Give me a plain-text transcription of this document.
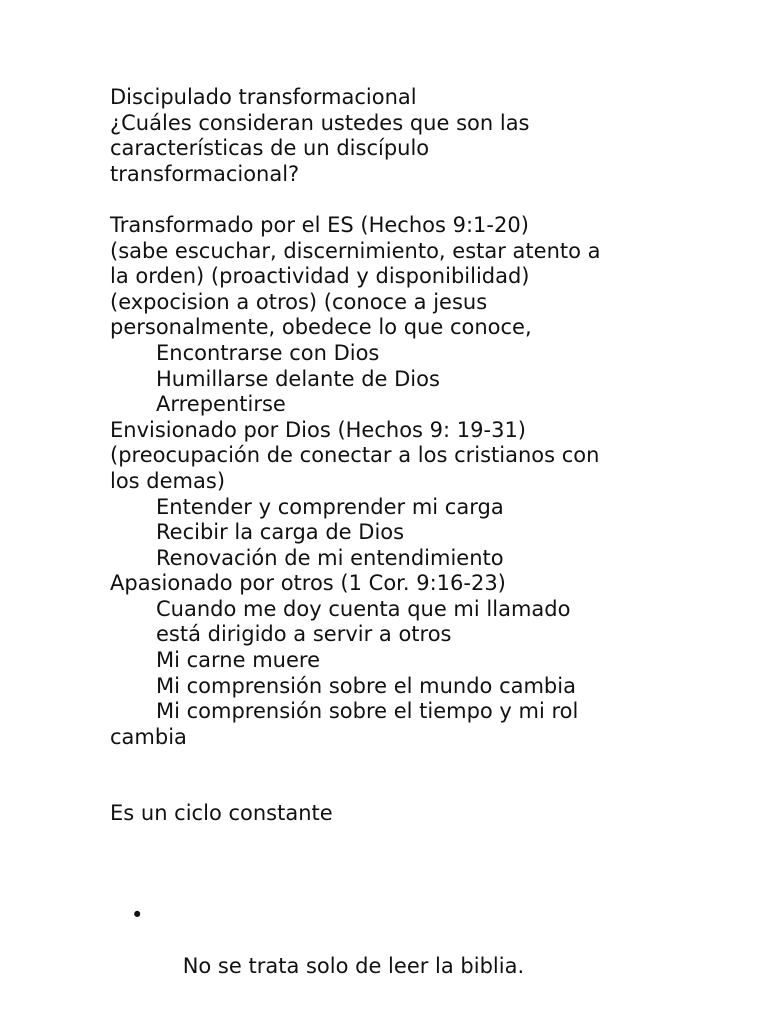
Discipulado transformacional
¿Cuáles consideran ustedes que son las
características de un discípulo
transformacional?
Transformado por el ES (Hechos 9:1-20)
(sabe escuchar, discernimiento, estar atento a
la orden) (proactividad y disponibilidad)
(expocision a otros) (conoce a jesus
personalmente, obedece lo que conoce,
Encontrarse con Dios
Humillarse delante de Dios
Arrepentirse
Envisionado por Dios (Hechos 9: 19-31)
(preocupación de conectar a los cristianos con
los demas)
Entender y comprender mi carga
Recibir la carga de Dios
Renovación de mi entendimiento
Apasionado por otros (1 Cor. 9:16-23)
Cuando me doy cuenta que mi llamado
está dirigido a servir a otros
Mi carne muere
Mi comprensión sobre el mundo cambia
Mi comprensión sobre el tiempo y mi rol
cambia
Es un ciclo constante

•

No se trata solo de leer la biblia.
